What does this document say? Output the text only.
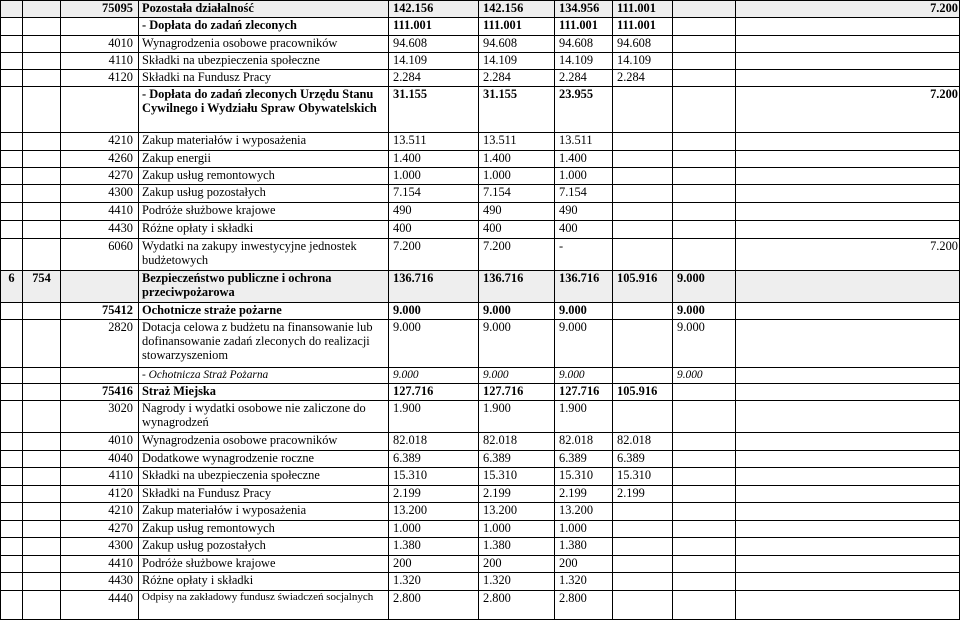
		75095	Pozostała działalność	142.156	142.156	134.956	111.001		7.200
			- Dopłata do zadań zleconych	111.001	111.001	111.001	111.001		
		4010	Wynagrodzenia osobowe pracowników	94.608	94.608	94.608	94.608		
		4110	Składki na ubezpieczenia społeczne	14.109	14.109	14.109	14.109		
		4120	Składki na Fundusz Pracy	2.284	2.284	2.284	2.284		
			- Dopłata do zadań zleconych Urzędu Stanu Cywilnego i Wydziału Spraw Obywatelskich	31.155	31.155	23.955			7.200
		4210	Zakup materiałów i wyposażenia	13.511	13.511	13.511			
		4260	Zakup energii	1.400	1.400	1.400			
		4270	Zakup usług remontowych	1.000	1.000	1.000			
		4300	Zakup usług pozostałych	7.154	7.154	7.154			
		4410	Podróże służbowe krajowe	490	490	490			
		4430	Różne opłaty i składki	400	400	400			
		6060	Wydatki na zakupy inwestycyjne jednostek budżetowych	7.200	7.200	-			7.200
6	754		Bezpieczeństwo publiczne i ochrona przeciwpożarowa	136.716	136.716	136.716	105.916	9.000	
		75412	Ochotnicze straże pożarne	9.000	9.000	9.000		9.000	
		2820	Dotacja celowa z budżetu na finansowanie lub dofinansowanie zadań zleconych do realizacji stowarzyszeniom	9.000	9.000	9.000		9.000	
			- Ochotnicza Straż Pożarna	9.000	9.000	9.000		9.000	
		75416	Straż Miejska	127.716	127.716	127.716	105.916		
		3020	Nagrody i wydatki osobowe nie zaliczone do wynagrodzeń	1.900	1.900	1.900			
		4010	Wynagrodzenia osobowe pracowników	82.018	82.018	82.018	82.018		
		4040	Dodatkowe wynagrodzenie roczne	6.389	6.389	6.389	6.389		
		4110	Składki na ubezpieczenia społeczne	15.310	15.310	15.310	15.310		
		4120	Składki na Fundusz Pracy	2.199	2.199	2.199	2.199		
		4210	Zakup materiałów i wyposażenia	13.200	13.200	13.200			
		4270	Zakup usług remontowych	1.000	1.000	1.000			
		4300	Zakup usług pozostałych	1.380	1.380	1.380			
		4410	Podróże służbowe krajowe	200	200	200			
		4430	Różne opłaty i składki	1.320	1.320	1.320			
		4440	Odpisy na zakładowy fundusz świadczeń socjalnych	2.800	2.800	2.800			
